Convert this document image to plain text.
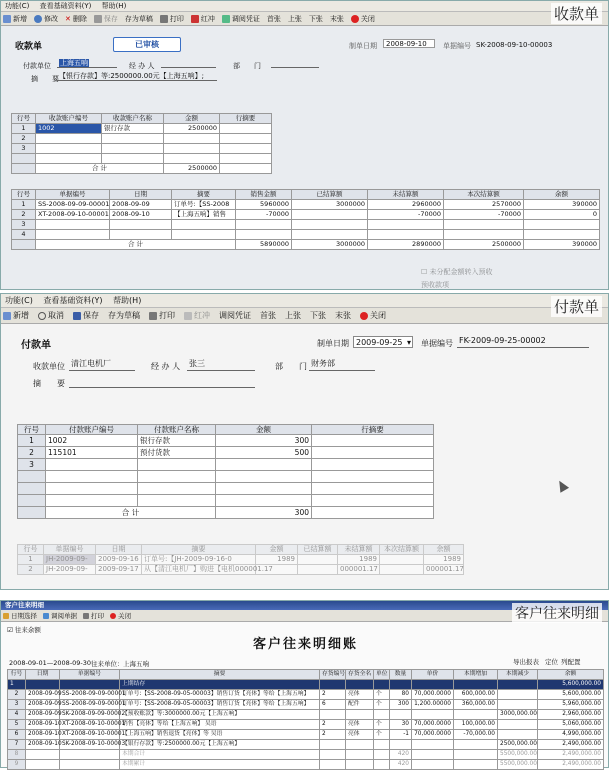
功能(C) 查看基础资料(Y) 帮助(H)
新增 修改 ✕ 删除 保存 存为草稿 打印 红冲 调阅凭证 首张 上张 下张 末张 关闭	收款单
收款单	已审核	制单日期	2008-09-10	单据编号 SK-2008-09-10-00003
付款单位	上海五响	经 办 人	部　　门
摘　　要 【银行存款】等:2500000.00元【上海五响】;
行号	收款账户编号	收款账户名称	金额	行摘要
1	1002	银行存款	2500000	
2				
3				

	合 计		2500000	
行号	单据编号	日期	摘要	销售金额	已结算额	未结算额	本次结算额	余额
1	SS-2008-09-09-00001	2008-09-09	订单号:【SS-2008	5960000	3000000	2960000	2570000	390000
2	XT-2008-09-10-00001	2008-09-10	【上海五响】销售	-70000		-70000	-70000	0
3								
4								
	合 计			5890000	3000000	2890000	2500000	390000
☐ 未分配金额转入预收
预收款项
功能(C) 查看基础资料(Y) 帮助(H)
新增 取消 保存 存为草稿 打印 红冲 调阅凭证 首张 上张 下张 末张 关闭	付款单
付款单	制单日期 2009-09-25 ▾ 单据编号 FK-2009-09-25-00002
收款单位 清江电机厂	经 办 人 张三	部　　门 财务部
摘　　要
行号	付款账户编号	付款账户名称	金额	行摘要
1	1002	银行存款	300	
2	115101	预付货款	500	
3				

	合 计		300	
行号	单据编号	日期	摘要	金额	已结算额	未结算额	本次结算额	余额
1	JH-2009-09-	2009-09-16	订单号:【JH-2009-09-16-0	1989		1989		1989
2	JH-2009-09-	2009-09-17	从【清江电机厂】购进【电机000001.17			000001.17		000001.17
客户往来明细
日期选择 调阅单据 打印 关闭	客户往来明细
☑ 往来余额
客户往来明细账
2008-09-01—2008-09-30 往来单位： 上海五响	导出报表 定位 列配置
行号	日期	单据编号	摘要	存货编号	存货全名	单位	数量	单价	本期增加	本期减少	余额
1			上期结存								5,600,000.00
2	2008-09-09	SS-2008-09-09-00001	订单号:【SS-2008-09-05-00003】销售订货【亮体】等给【上海五响】	2	亮体	个	80	70,000.0000	600,000.00		5,600,000.00
3	2008-09-09	SS-2008-09-09-00001	订单号:【SS-2008-09-05-00003】销售订货【亮体】等给【上海五响】	6	配件	个	300	1,200.00000	360,000.00		5,960,000.00
4	2008-09-09	SK-2008-09-09-00002	【预收账款】等:3000000.00元【上海五响】							3000,000.00	2,960,000.00
5	2008-09-10	XT-2008-09-10-00001	销售【亮体】等给【上海五响】 吴语	2	亮体	个	30	70,000.0000	100,000.00		5,060,000.00
6	2008-09-10	XT-2008-09-10-00001	【上海五响】销售退货【亮体】等 吴语	2	亮体	个	-1	70,000.0000	-70,000.00		4,990,000.00
7	2008-09-10	SK-2008-09-10-00003	【银行存款】等:2500000.00元【上海五响】							2500,000.00	2,490,000.00
8			本期合计				420			5500,000.00	2,490,000.00
9			本期累计				420			5500,000.00	2,490,000.00
